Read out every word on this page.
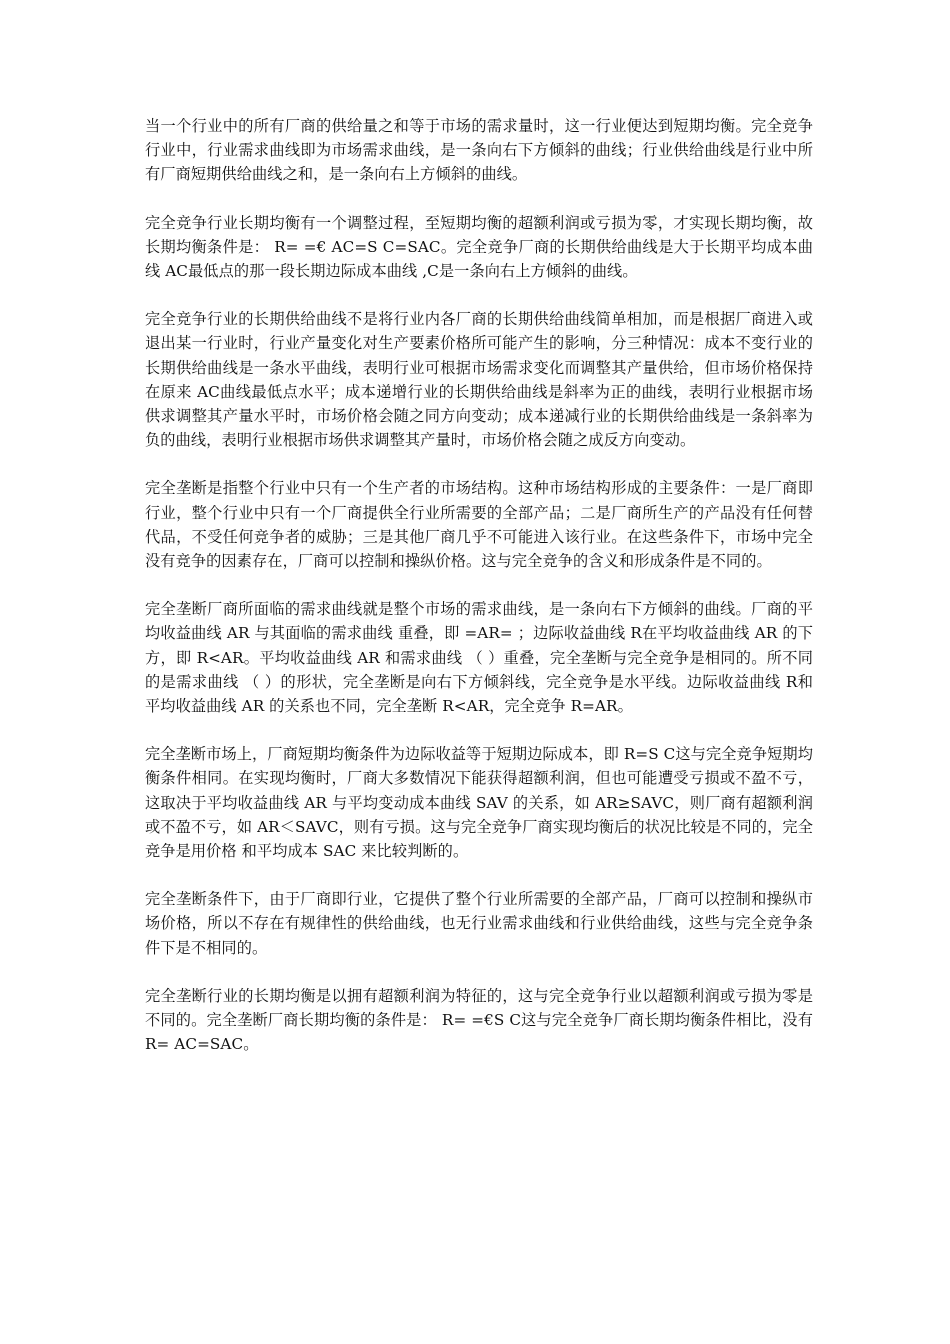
当一个行业中的所有厂商的供给量之和等于市场的需求量时，这一行业便达到短期均衡。完全竞争行业中，行业需求曲线即为市场需求曲线，是一条向右下方倾斜的曲线；行业供给曲线是行业中所有厂商短期供给曲线之和，是一条向右上方倾斜的曲线。

完全竞争行业长期均衡有一个调整过程，至短期均衡的超额利润或亏损为零，才实现长期均衡，故长期均衡条件是： R= =€ AC=S C=SAC。完全竞争厂商的长期供给曲线是大于长期平均成本曲线 AC最低点的那一段长期边际成本曲线 ,C是一条向右上方倾斜的曲线。

完全竞争行业的长期供给曲线不是将行业内各厂商的长期供给曲线简单相加，而是根据厂商进入或退出某一行业时，行业产量变化对生产要素价格所可能产生的影响，分三种情况：成本不变行业的长期供给曲线是一条水平曲线，表明行业可根据市场需求变化而调整其产量供给，但市场价格保持在原来 AC曲线最低点水平；成本递增行业的长期供给曲线是斜率为正的曲线，表明行业根据市场供求调整其产量水平时，市场价格会随之同方向变动；成本递减行业的长期供给曲线是一条斜率为负的曲线，表明行业根据市场供求调整其产量时，市场价格会随之成反方向变动。

完全垄断是指整个行业中只有一个生产者的市场结构。这种市场结构形成的主要条件：一是厂商即行业，整个行业中只有一个厂商提供全行业所需要的全部产品；二是厂商所生产的产品没有任何替代品，不受任何竞争者的威胁；三是其他厂商几乎不可能进入该行业。在这些条件下，市场中完全没有竞争的因素存在，厂商可以控制和操纵价格。这与完全竞争的含义和形成条件是不同的。

完全垄断厂商所面临的需求曲线就是整个市场的需求曲线，是一条向右下方倾斜的曲线。厂商的平均收益曲线 AR 与其面临的需求曲线 重叠，即 =AR= ；边际收益曲线 R在平均收益曲线 AR 的下方，即 R<AR。平均收益曲线 AR 和需求曲线 （ ）重叠，完全垄断与完全竞争是相同的。所不同的是需求曲线 （ ）的形状，完全垄断是向右下方倾斜线，完全竞争是水平线。边际收益曲线 R和平均收益曲线 AR 的关系也不同，完全垄断 R<AR，完全竞争 R=AR。

完全垄断市场上，厂商短期均衡条件为边际收益等于短期边际成本，即 R=S C这与完全竞争短期均衡条件相同。在实现均衡时，厂商大多数情况下能获得超额利润，但也可能遭受亏损或不盈不亏，这取决于平均收益曲线 AR 与平均变动成本曲线 SAV 的关系，如 AR≥SAVC，则厂商有超额利润或不盈不亏，如 AR＜SAVC，则有亏损。这与完全竞争厂商实现均衡后的状况比较是不同的，完全竞争是用价格 和平均成本 SAC 来比较判断的。

完全垄断条件下，由于厂商即行业，它提供了整个行业所需要的全部产品，厂商可以控制和操纵市场价格，所以不存在有规律性的供给曲线，也无行业需求曲线和行业供给曲线，这些与完全竞争条件下是不相同的。

完全垄断行业的长期均衡是以拥有超额利润为特征的，这与完全竞争行业以超额利润或亏损为零是不同的。完全垄断厂商长期均衡的条件是： R= =€S C这与完全竞争厂商长期均衡条件相比，没有 R= AC=SAC。
